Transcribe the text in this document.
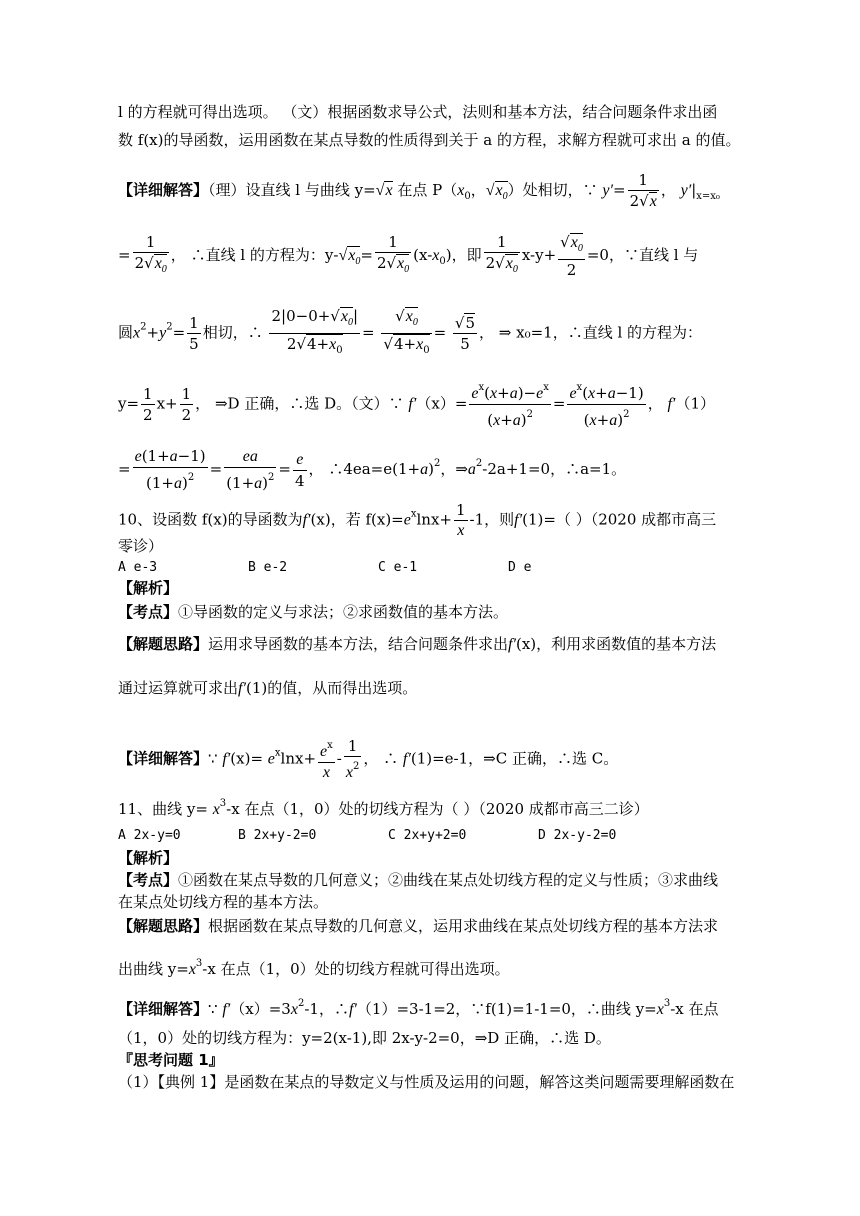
l 的方程就可得出选项。 （文）根据函数求导公式，法则和基本方法，结合问题条件求出函
数 f(x)的导函数，运用函数在某点导数的性质得到关于 a 的方程，求解方程就可求出 a 的值。
【详细解答】（理）设直线 l 与曲线 y=√x 在点 $P(x_0$，$√x_0$）处相切，∵ $y'= \frac{1}{2√x}$ ， $y'|_{x=x_0}$
= $\frac{1}{2√x_0}$ ， ∴直线 l 的方程为：$y-√x_0= \frac{1}{2√x_0} (x-x_0)$，即 $\frac{1}{2√x_0} x-y+ \frac{√x_0}{2} =0$，∵直线 l 与
圆$x^2+y^2= \frac{1}{5}$ 相切，∴ $\frac{2|0-0+√x_0|}{2√4+x_0} = \frac{√x_0}{√4+x_0} = \frac{√5}{5}$ ， ⇒ x₀=1，∴直线 l 的方程为：
$y= \frac{1}{2} x+ \frac{1}{2}$ ， ⇒D 正确，∴选 D。（文）∵ $f'(x)= \frac{e^x(x+a)-e^x}{(x+a)^2} = \frac{e^x(x+a-1)}{(x+a)^2}$ ， f′（1）
= $\frac{e(1+a-1)}{(1+a)^2} = \frac{ea}{(1+a)^2} = \frac{e}{4}$ ， $\therefore 4ea=e(1+a)^2$，$\Rightarrow a^2-2a+1=0$，∴a=1。
10、设函数 f(x)的导函数为f′(x)，若 $f(x)=e^x\ln x+ \frac{1}{x} -1$，则f′(1)=（ ）（2020 成都市高三
零诊）
A e-3	B e-2	C e-1	D e
【解析】
【考点】①导函数的定义与求法；②求函数值的基本方法。
【解题思路】运用求导函数的基本方法，结合问题条件求出f′(x)，利用求函数值的基本方法
通过运算就可求出f′(1)的值，从而得出选项。
【详细解答】∵ $f'(x)= e^x\ln x+ \frac{e^x}{x} - \frac{1}{x^2}$ ， ∴ f′(1)=e-1，⇒C 正确，∴选 C。
11、曲线 $y= x^3-x$ 在点（1，0）处的切线方程为（ ）（2020 成都市高三二诊）
A 2x-y=0	B 2x+y-2=0	C 2x+y+2=0	D 2x-y-2=0
【解析】
【考点】①函数在某点导数的几何意义；②曲线在某点处切线方程的定义与性质；③求曲线
在某点处切线方程的基本方法。
【解题思路】根据函数在某点导数的几何意义，运用求曲线在某点处切线方程的基本方法求
出曲线 $y=x^3-x$ 在点（1，0）处的切线方程就可得出选项。
【详细解答】∵ $f'(x)=3x^2-1$，∴f′（1）=3-1=2，∵f(1)=1-1=0，∴曲线 $y=x^3-x$ 在点
（1，0）处的切线方程为：y=2(x-1),即 2x-y-2=0，⇒D 正确，∴选 D。
『思考问题 1』
（1）【典例 1】是函数在某点的导数定义与性质及运用的问题，解答这类问题需要理解函数在
